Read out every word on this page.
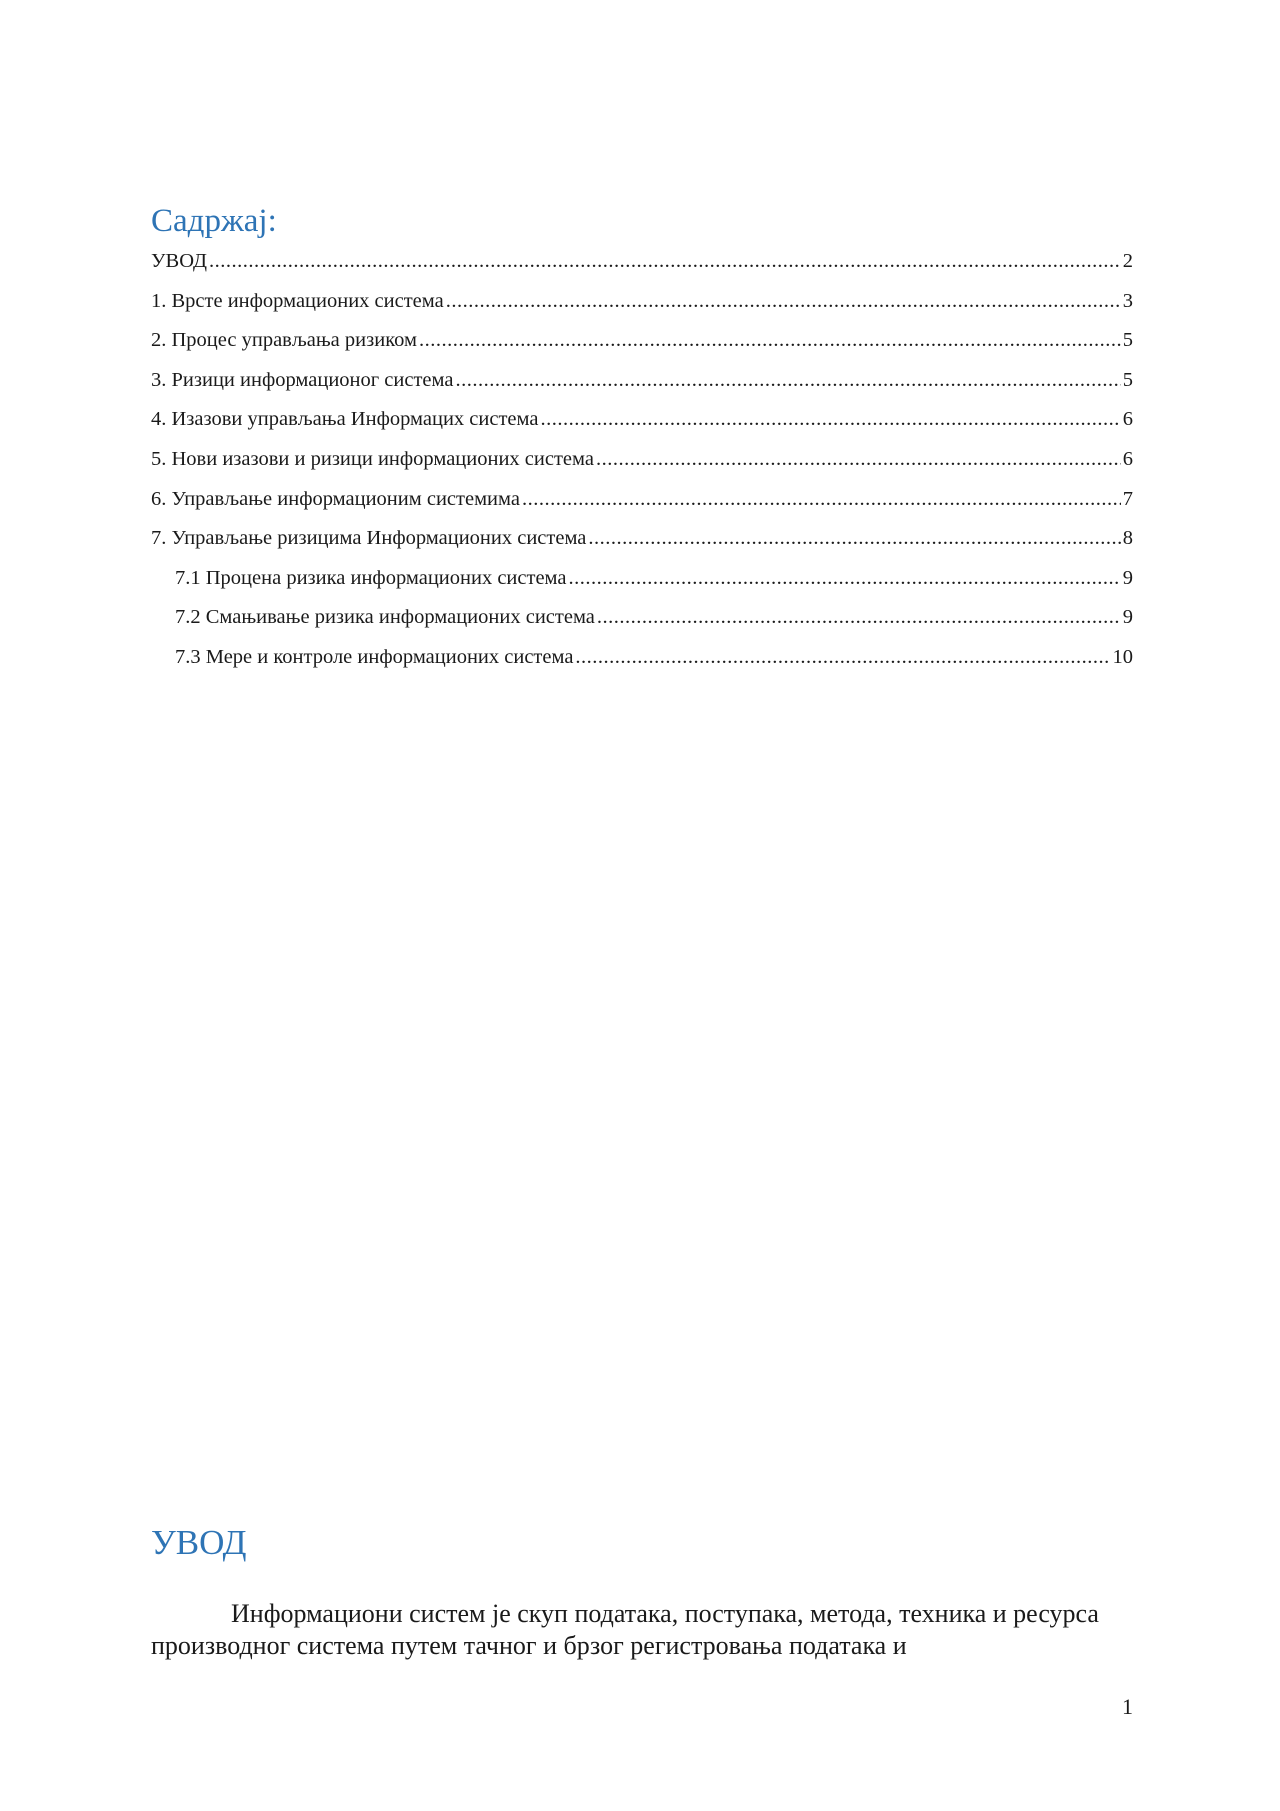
Садржај:
УВОД .....	2
1. Врсте информационих система .....	3
2. Процес управљања ризиком .....	5
3. Ризици информационог система .....	5
4. Изазови управљања Информацих система .....	6
5. Нови изазови и ризици информационих система .....	6
6. Управљање информационим системима .....	7
7. Управљање ризицима Информационих система .....	8
7.1 Процена ризика информационих система .....	9
7.2 Смањивање ризика информационих система .....	9
7.3 Мере и контроле информационих система .....	10
УВОД

Информациони систем је скуп података, поступака, метода, техника и ресурса производног система путем тачног и брзог регистровања података и

1
